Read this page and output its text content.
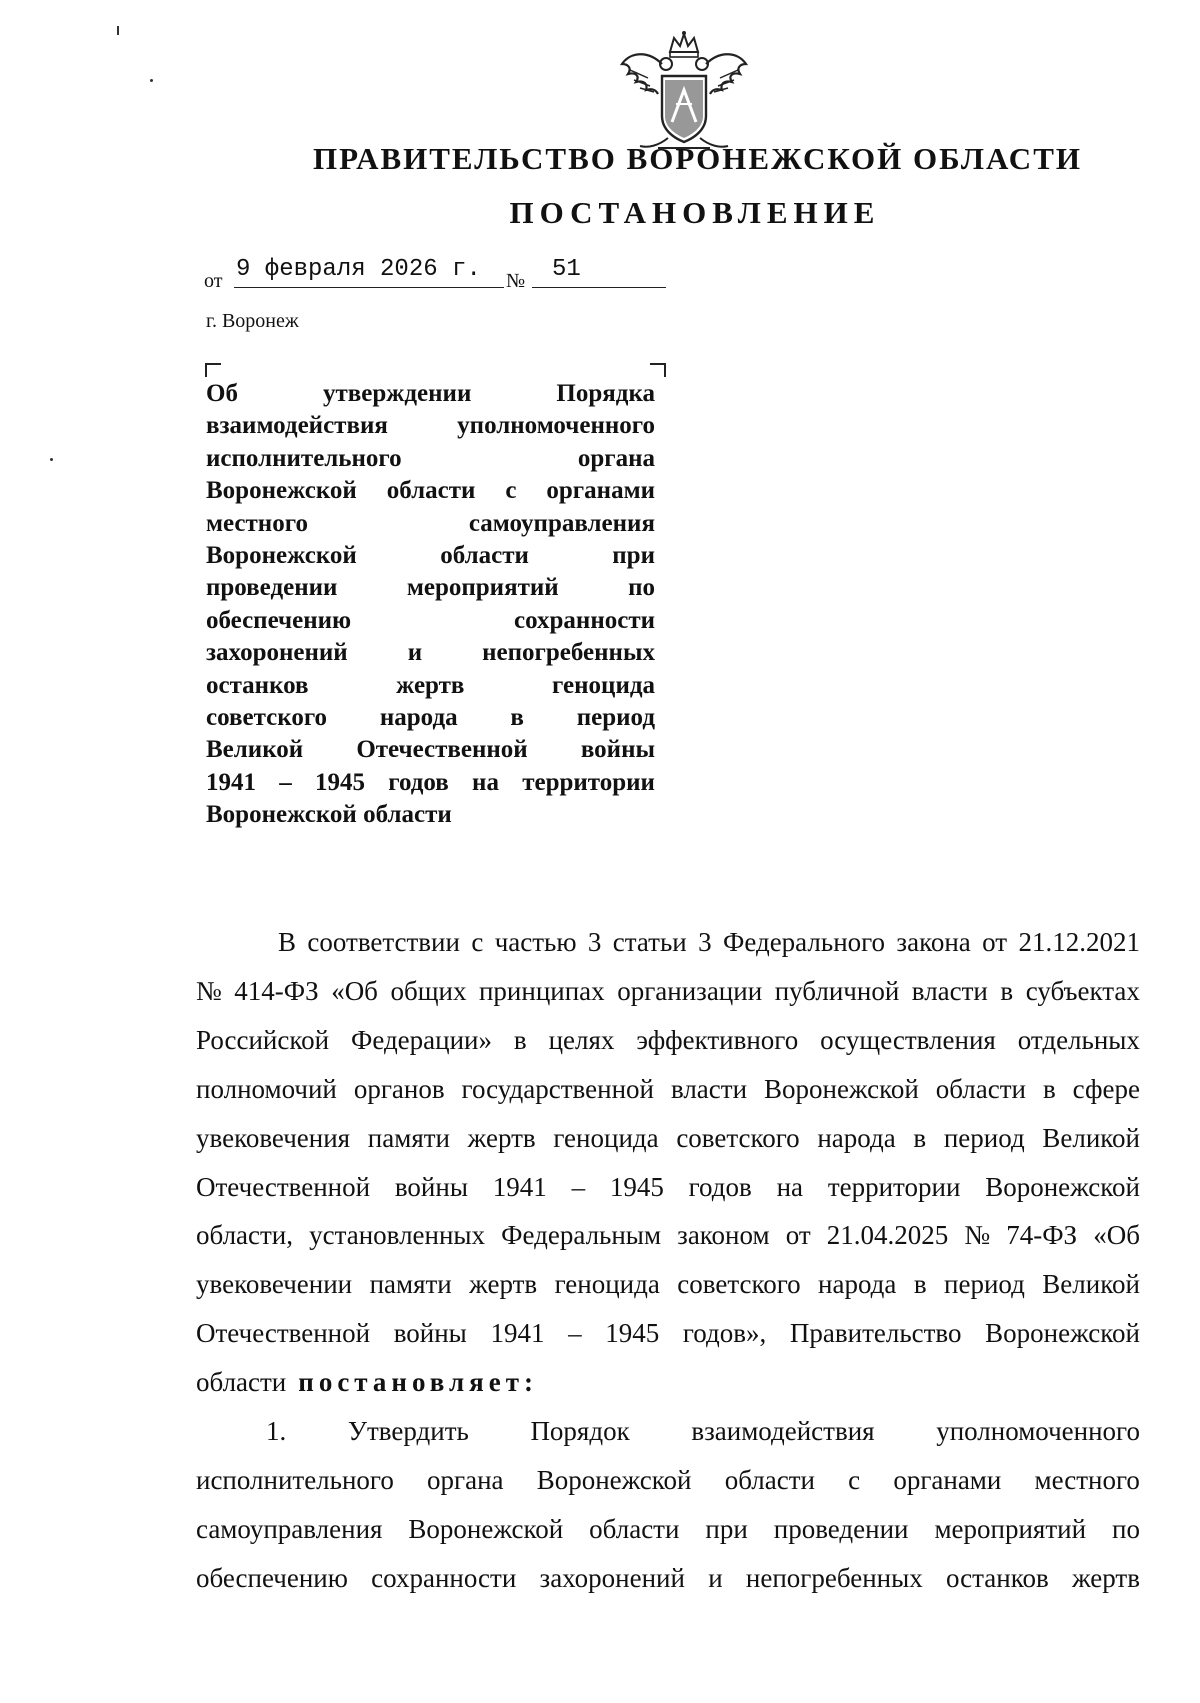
ПРАВИТЕЛЬСТВО ВОРОНЕЖСКОЙ ОБЛАСТИ
ПОСТАНОВЛЕНИЕ
от 9 февраля 2026 г. № 51
г. Воронеж
Об	утверждении	Порядка
взаимодействия	уполномоченного
исполнительного	органа
Воронежской области с органами
местного	самоуправления
Воронежской	области	при
проведении	мероприятий	по
обеспечению	сохранности
захоронений и непогребенных
останков	жертв	геноцида
советского народа в период
Великой Отечественной войны
1941 – 1945 годов на территории
Воронежской области
В соответствии с частью 3 статьи 3 Федерального закона от 21.12.2021
№ 414-ФЗ «Об общих принципах организации публичной власти в субъектах
Российской Федерации» в целях эффективного осуществления отдельных
полномочий органов государственной власти Воронежской области в сфере
увековечения памяти жертв геноцида советского народа в период Великой
Отечественной войны 1941 – 1945 годов на территории Воронежской
области, установленных Федеральным законом от 21.04.2025 № 74-ФЗ «Об
увековечении памяти жертв геноцида советского народа в период Великой
Отечественной войны 1941 – 1945 годов», Правительство Воронежской
области постановляет:
1. Утвердить Порядок взаимодействия уполномоченного
исполнительного органа Воронежской области с органами местного
самоуправления Воронежской области при проведении мероприятий по
обеспечению сохранности захоронений и непогребенных останков жертв
